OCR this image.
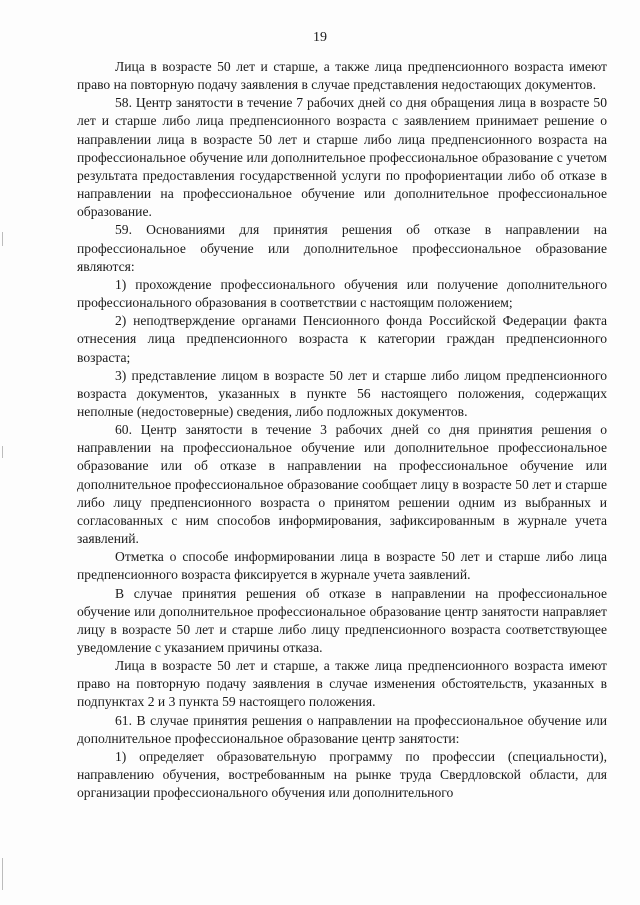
19

Лица в возрасте 50 лет и старше, а также лица предпенсионного возраста имеют право на повторную подачу заявления в случае представления недостающих документов.

58. Центр занятости в течение 7 рабочих дней со дня обращения лица в возрасте 50 лет и старше либо лица предпенсионного возраста с заявлением принимает решение о направлении лица в возрасте 50 лет и старше либо лица предпенсионного возраста на профессиональное обучение или дополнительное профессиональное образование с учетом результата предоставления государственной услуги по профориентации либо об отказе в направлении на профессиональное обучение или дополнительное профессиональное образование.

59. Основаниями для принятия решения об отказе в направлении на профессиональное обучение или дополнительное профессиональное образование являются:

1) прохождение профессионального обучения или получение дополнительного профессионального образования в соответствии с настоящим положением;

2) неподтверждение органами Пенсионного фонда Российской Федерации факта отнесения лица предпенсионного возраста к категории граждан предпенсионного возраста;

3) представление лицом в возрасте 50 лет и старше либо лицом предпенсионного возраста документов, указанных в пункте 56 настоящего положения, содержащих неполные (недостоверные) сведения, либо подложных документов.

60. Центр занятости в течение 3 рабочих дней со дня принятия решения о направлении на профессиональное обучение или дополнительное профессиональное образование или об отказе в направлении на профессиональное обучение или дополнительное профессиональное образование сообщает лицу в возрасте 50 лет и старше либо лицу предпенсионного возраста о принятом решении одним из выбранных и согласованных с ним способов информирования, зафиксированным в журнале учета заявлений.

Отметка о способе информировании лица в возрасте 50 лет и старше либо лица предпенсионного возраста фиксируется в журнале учета заявлений.

В случае принятия решения об отказе в направлении на профессиональное обучение или дополнительное профессиональное образование центр занятости направляет лицу в возрасте 50 лет и старше либо лицу предпенсионного возраста соответствующее уведомление с указанием причины отказа.

Лица в возрасте 50 лет и старше, а также лица предпенсионного возраста имеют право на повторную подачу заявления в случае изменения обстоятельств, указанных в подпунктах 2 и 3 пункта 59 настоящего положения.

61. В случае принятия решения о направлении на профессиональное обучение или дополнительное профессиональное образование центр занятости:

1) определяет образовательную программу по профессии (специальности), направлению обучения, востребованным на рынке труда Свердловской области, для организации профессионального обучения или дополнительного
